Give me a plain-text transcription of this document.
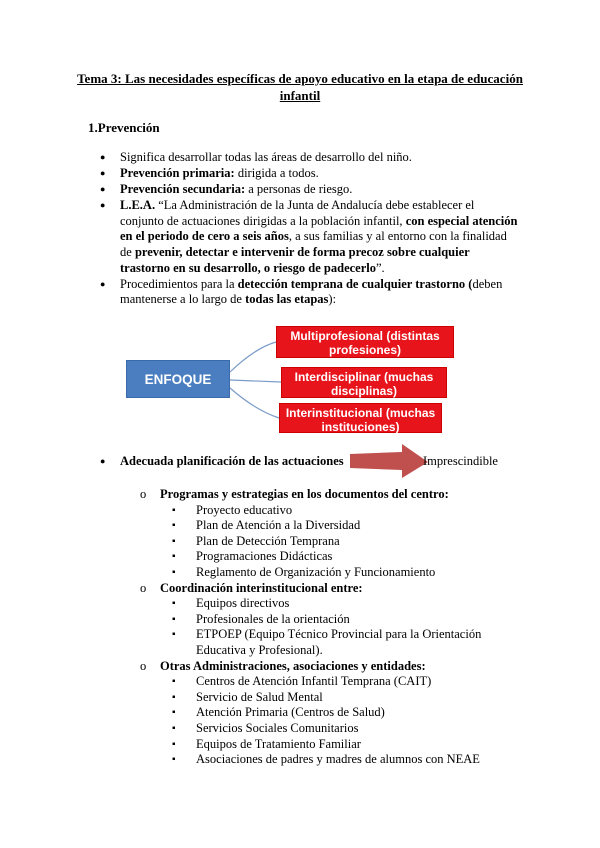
Tema 3: Las necesidades específicas de apoyo educativo en la etapa de educación infantil
1.Prevención
● Significa desarrollar todas las áreas de desarrollo del niño.
● Prevención primaria: dirigida a todos.
● Prevención secundaria: a personas de riesgo.
● L.E.A. “La Administración de la Junta de Andalucía debe establecer el conjunto de actuaciones dirigidas a la población infantil, con especial atención en el periodo de cero a seis años, a sus familias y al entorno con la finalidad de prevenir, detectar e intervenir de forma precoz sobre cualquier trastorno en su desarrollo, o riesgo de padecerlo”.
● Procedimientos para la detección temprana de cualquier trastorno (deben mantenerse a lo largo de todas las etapas):
ENFOQUE
Multiprofesional (distintas profesiones)
Interdisciplinar (muchas disciplinas)
Interinstitucional (muchas instituciones)
● Adecuada planificación de las actuaciones	Imprescindible
o Programas y estrategias en los documentos del centro:
▪ Proyecto educativo
▪ Plan de Atención a la Diversidad
▪ Plan de Detección Temprana
▪ Programaciones Didácticas
▪ Reglamento de Organización y Funcionamiento
o Coordinación interinstitucional entre:
▪ Equipos directivos
▪ Profesionales de la orientación
▪ ETPOEP (Equipo Técnico Provincial para la Orientación Educativa y Profesional).
o Otras Administraciones, asociaciones y entidades:
▪ Centros de Atención Infantil Temprana (CAIT)
▪ Servicio de Salud Mental
▪ Atención Primaria (Centros de Salud)
▪ Servicios Sociales Comunitarios
▪ Equipos de Tratamiento Familiar
▪ Asociaciones de padres y madres de alumnos con NEAE
